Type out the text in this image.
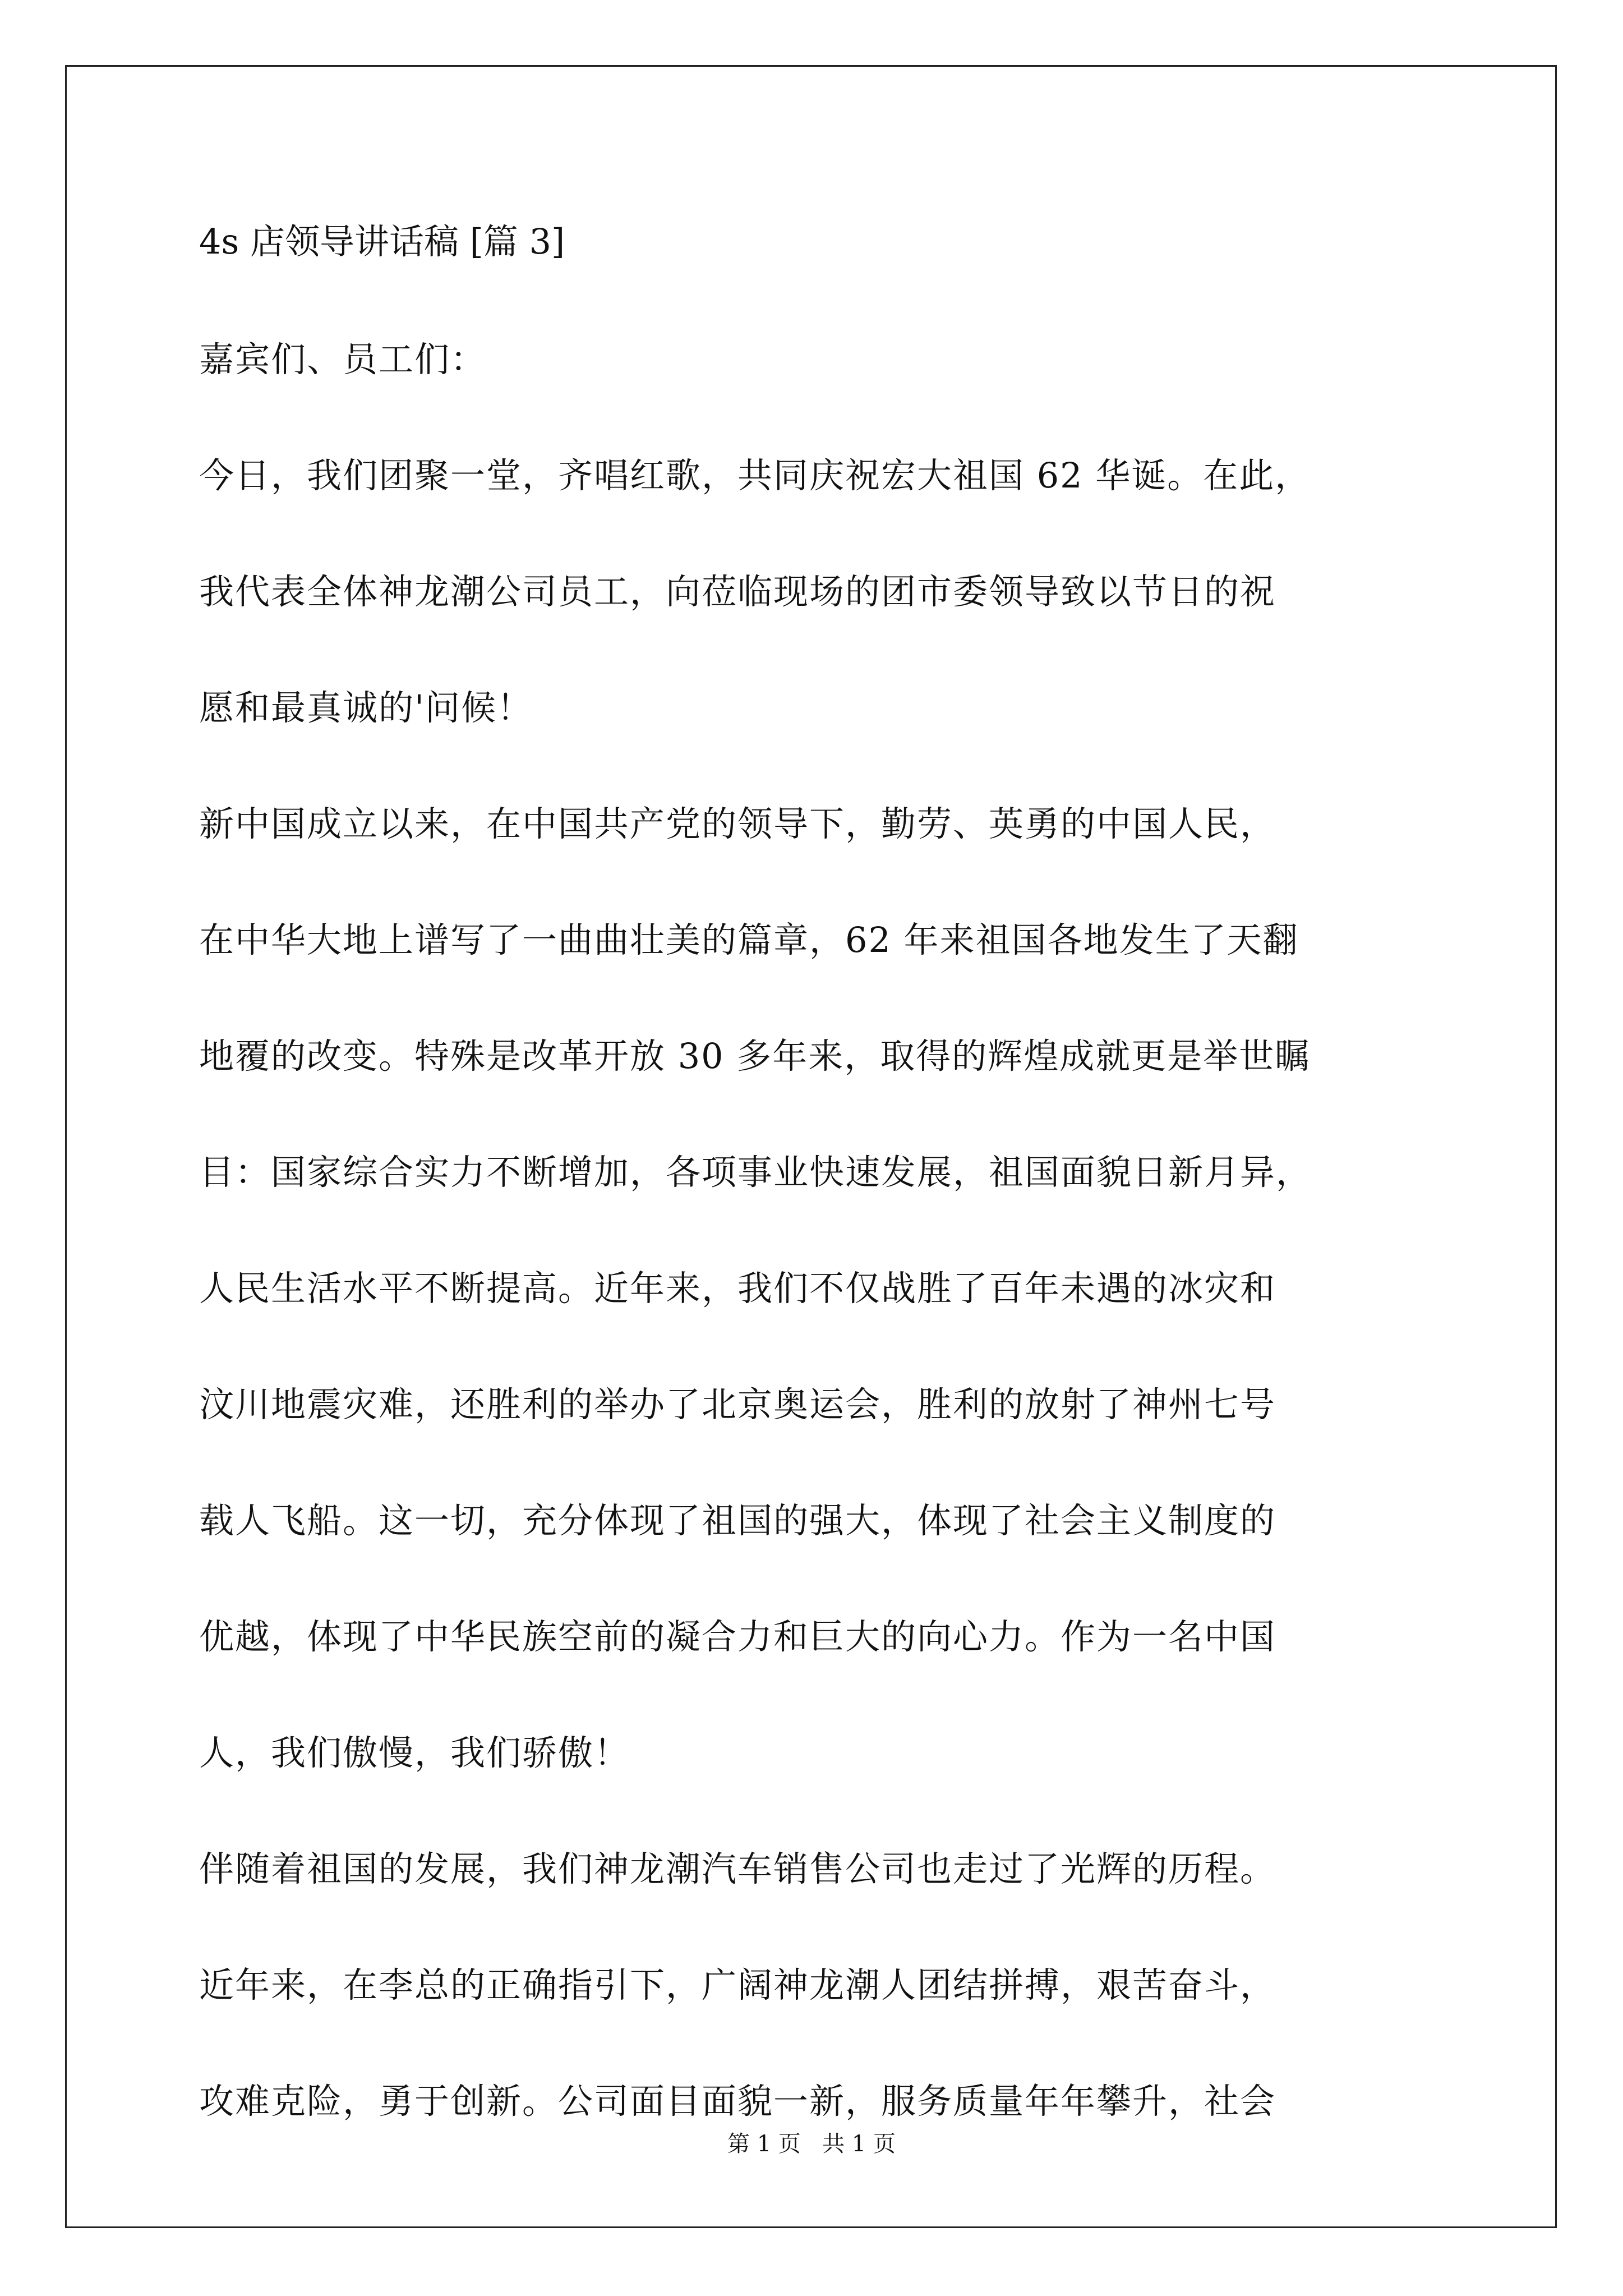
4s 店领导讲话稿 [篇 3]
嘉宾们、员工们：
今日，我们团聚一堂，齐唱红歌，共同庆祝宏大祖国 62 华诞。在此，
我代表全体神龙潮公司员工，向莅临现场的团市委领导致以节日的祝
愿和最真诚的'问候！
新中国成立以来，在中国共产党的领导下，勤劳、英勇的中国人民，
在中华大地上谱写了一曲曲壮美的篇章，62 年来祖国各地发生了天翻
地覆的改变。特殊是改革开放 30 多年来，取得的辉煌成就更是举世瞩
目：国家综合实力不断增加，各项事业快速发展，祖国面貌日新月异，
人民生活水平不断提高。近年来，我们不仅战胜了百年未遇的冰灾和
汶川地震灾难，还胜利的举办了北京奥运会，胜利的放射了神州七号
载人飞船。这一切，充分体现了祖国的强大，体现了社会主义制度的
优越，体现了中华民族空前的凝合力和巨大的向心力。作为一名中国
人，我们傲慢，我们骄傲！
伴随着祖国的发展，我们神龙潮汽车销售公司也走过了光辉的历程。
近年来，在李总的正确指引下，广阔神龙潮人团结拼搏，艰苦奋斗，
攻难克险，勇于创新。公司面目面貌一新，服务质量年年攀升，社会
第 1 页   共 1 页
